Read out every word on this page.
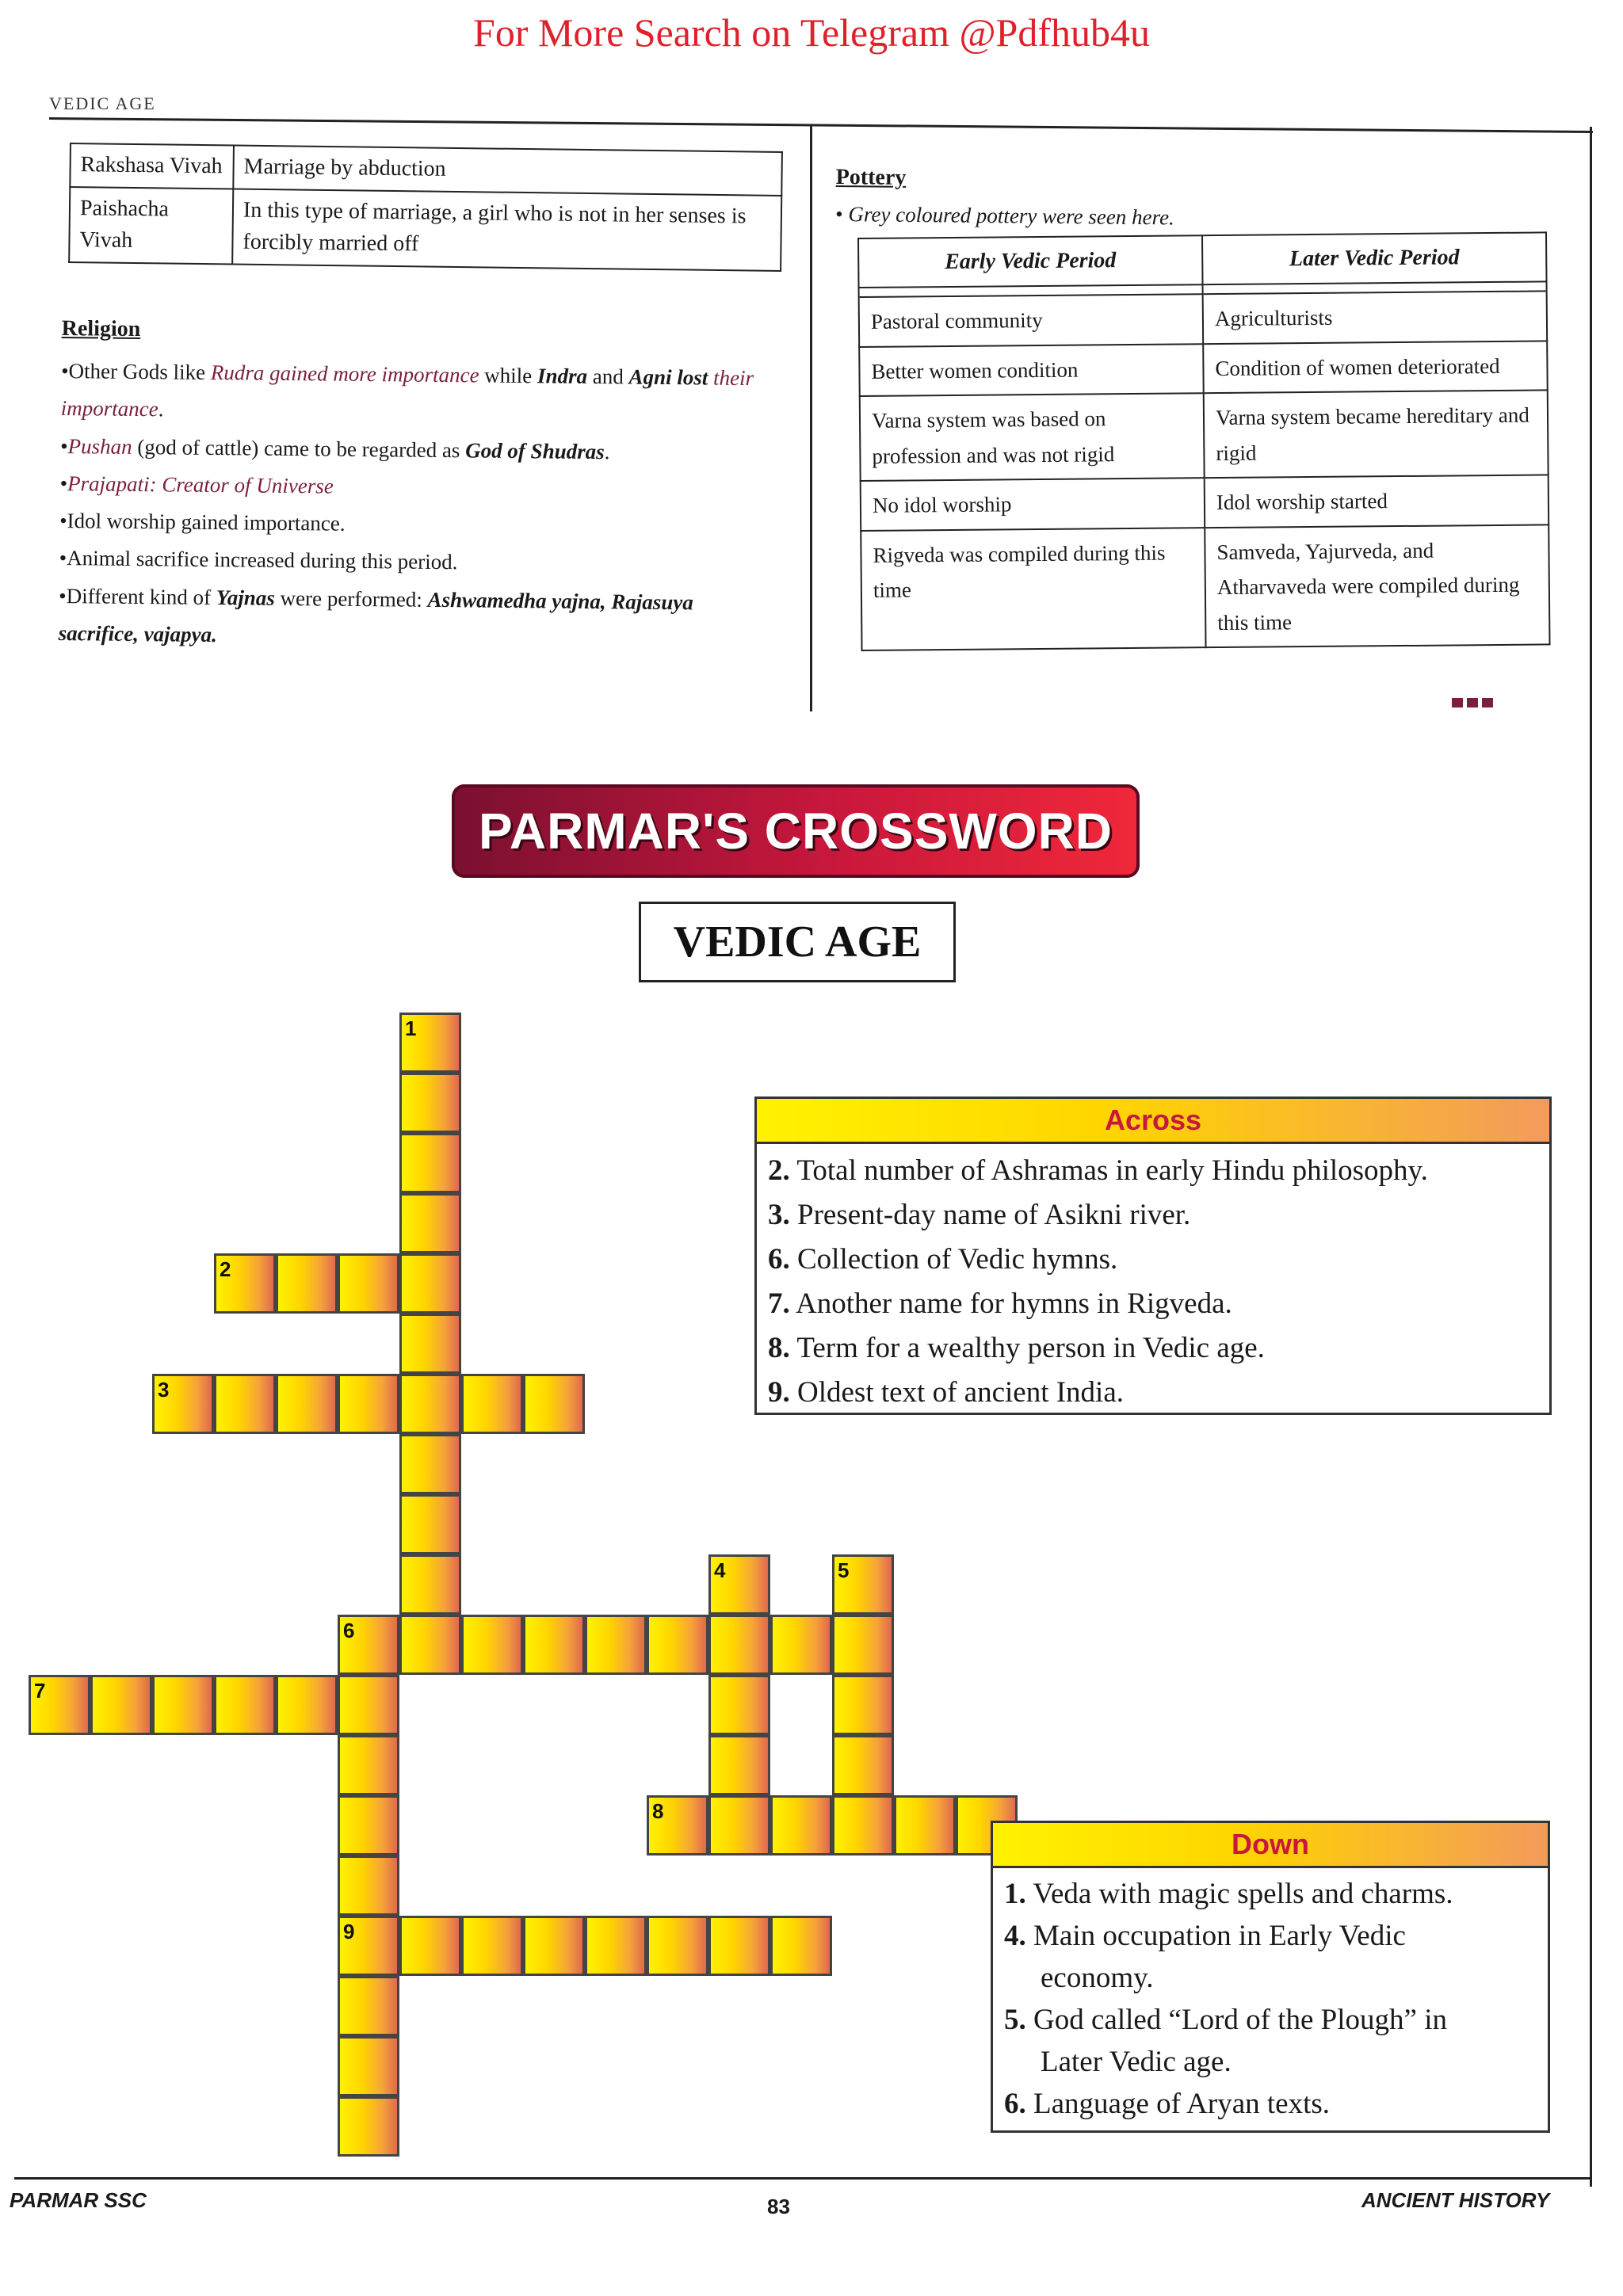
For More Search on Telegram @Pdfhub4u
VEDIC AGE
Rakshasa Vivah	Marriage by abduction
Paishacha Vivah	In this type of marriage, a girl who is not in her senses is forcibly married off
Religion
• Other Gods like Rudra gained more importance while Indra and Agni lost their importance.
• Pushan (god of cattle) came to be regarded as God of Shudras.
• Prajapati: Creator of Universe
• Idol worship gained importance.
• Animal sacrifice increased during this period.
• Different kind of Yajnas were performed: Ashwamedha yajna, Rajasuya sacrifice, vajapya.
Pottery
• Grey coloured pottery were seen here.
Early Vedic Period	Later Vedic Period

Pastoral community	Agriculturists
Better women condition	Condition of women deteriorated
Varna system was based on profession and was not rigid	Varna system became hereditary and rigid
No idol worship	Idol worship started
Rigveda was compiled during this time	Samveda, Yajurveda, and Atharvaveda were compiled during this time
PARMAR'S CROSSWORD
VEDIC AGE
1
2
3
6
9
7
4	5
8
Across
2. Total number of Ashramas in early Hindu philosophy.
3. Present-day name of Asikni river.
6. Collection of Vedic hymns.
7. Another name for hymns in Rigveda.
8. Term for a wealthy person in Vedic age.
9. Oldest text of ancient India.
Down
1. Veda with magic spells and charms.
4. Main occupation in Early Vedic
economy.
5. God called “Lord of the Plough” in
Later Vedic age.
6. Language of Aryan texts.
PARMAR SSC	83	ANCIENT HISTORY
